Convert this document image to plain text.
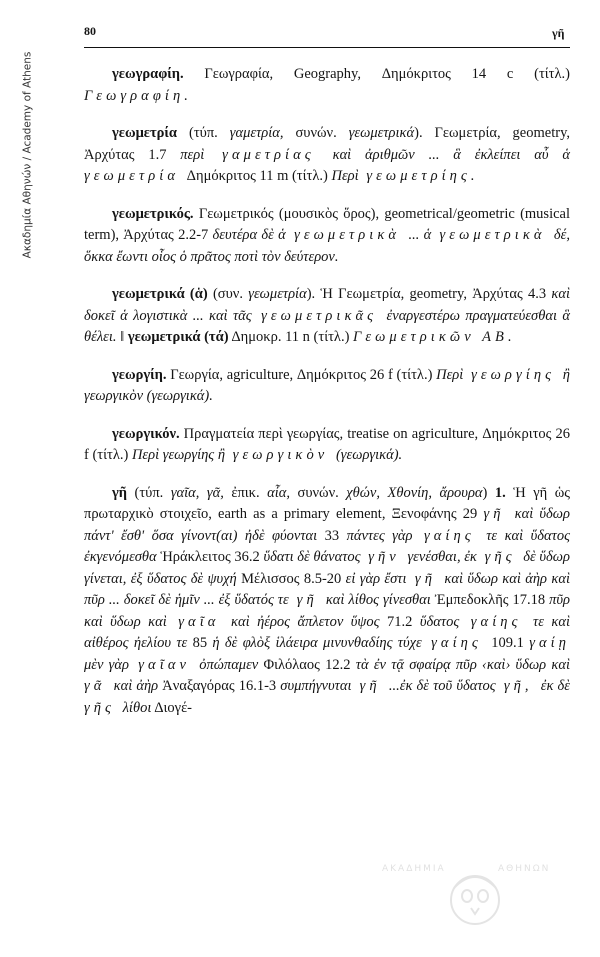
Ακαδημία Αθηνών / Academy of Athens
80	γῆ

γεωγραφίη. Γεωγραφία, Geography, Δημόκριτος 14 c (τίτλ.) Γεωγραφίη.

γεωμετρία (τύπ. γαμετρία, συνών. γεωμετρικά). Γεωμετρία, geometry, Ἀρχύτας 1.7 περὶ γαμετρίας καὶ ἀριθμῶν ... ἃ ἐκλείπει αὖ ἁ γεωμετρία Δημόκριτος 11 m (τίτλ.) Περὶ γεωμετρίης.

γεωμετρικός. Γεωμετρικός (μουσικὸς ὅρος), geometrical/geometric (musical term), Ἀρχύτας 2.2-7 δευτέρα δὲ ἁ γεωμετρικὰ ... ἁ γεωμετρικὰ δέ, ὅκκα ἔωντι οἷος ὁ πρᾶτος ποτὶ τὸν δεύτερον.

γεωμετρικά (ἁ) (συν. γεωμετρία). Ἡ Γεωμετρία, geometry, Ἀρχύτας 4.3 καὶ δοκεῖ ἁ λογιστικὰ ... καὶ τᾶς γεωμετρικᾶς ἐναργεστέρω πραγματεύεσθαι ἃ θέλει. ‖ γεωμετρικά (τά) Δημοκρ. 11 n (τίτλ.) Γεωμετρικῶν ΑΒ.

γεωργίη. Γεωργία, agriculture, Δημόκριτος 26 f (τίτλ.) Περὶ γεωργίης ἢ γεωργικὸν (γεωργικά).

γεωργικόν. Πραγματεία περὶ γεωργίας, treatise on agriculture, Δημόκριτος 26 f (τίτλ.) Περὶ γεωργίης ἢ γεωργικὸν (γεωργικά).

γῆ (τύπ. γαῖα, γᾶ, ἐπικ. αἶα, συνών. χθών, Χθονίη, ἄρουρα) 1. Ἡ γῆ ὡς πρωταρχικὸ στοιχεῖο, earth as a primary element, Ξενοφάνης 29 γῆ καὶ ὕδωρ πάντ' ἔσθ' ὅσα γίνοντ(αι) ἠδὲ φύονται 33 πάντες γὰρ γαίης τε καὶ ὕδατος ἐκγενόμεσθα Ἡράκλειτος 36.2 ὕδατι δὲ θάνατος γῆν γενέσθαι, ἐκ γῆς δὲ ὕδωρ γίνεται, ἐξ ὕδατος δὲ ψυχή Μέλισσος 8.5-20 εἰ γὰρ ἔστι γῆ καὶ ὕδωρ καὶ ἀὴρ καὶ πῦρ ... δοκεῖ δὲ ἡμῖν ... ἐξ ὕδατός τε γῆ καὶ λίθος γίνεσθαι Ἐμπεδοκλῆς 17.18 πῦρ καὶ ὕδωρ καὶ γαῖα καὶ ἠέρος ἄπλετον ὕψος 71.2 ὕδατος γαίης τε καὶ αἰθέρος ἠελίου τε 85 ἡ δὲ φλὸξ ἱλάειρα μινυνθαδίης τύχε γαίης 109.1 γαίῃ μὲν γὰρ γαῖαν ὀπώπαμεν Φιλόλαος 12.2 τὰ ἐν τᾷ σφαίρᾳ πῦρ ‹καὶ› ὕδωρ καὶ γᾶ καὶ ἀὴρ Ἀναξαγόρας 16.1-3 συμπήγνυται γῆ ...ἐκ δὲ τοῦ ὕδατος γῆ, ἐκ δὲ γῆς λίθοι Διογέ-

ΑΚΑΔΗΜΙΑ	ΑΘΗΝΩΝ
